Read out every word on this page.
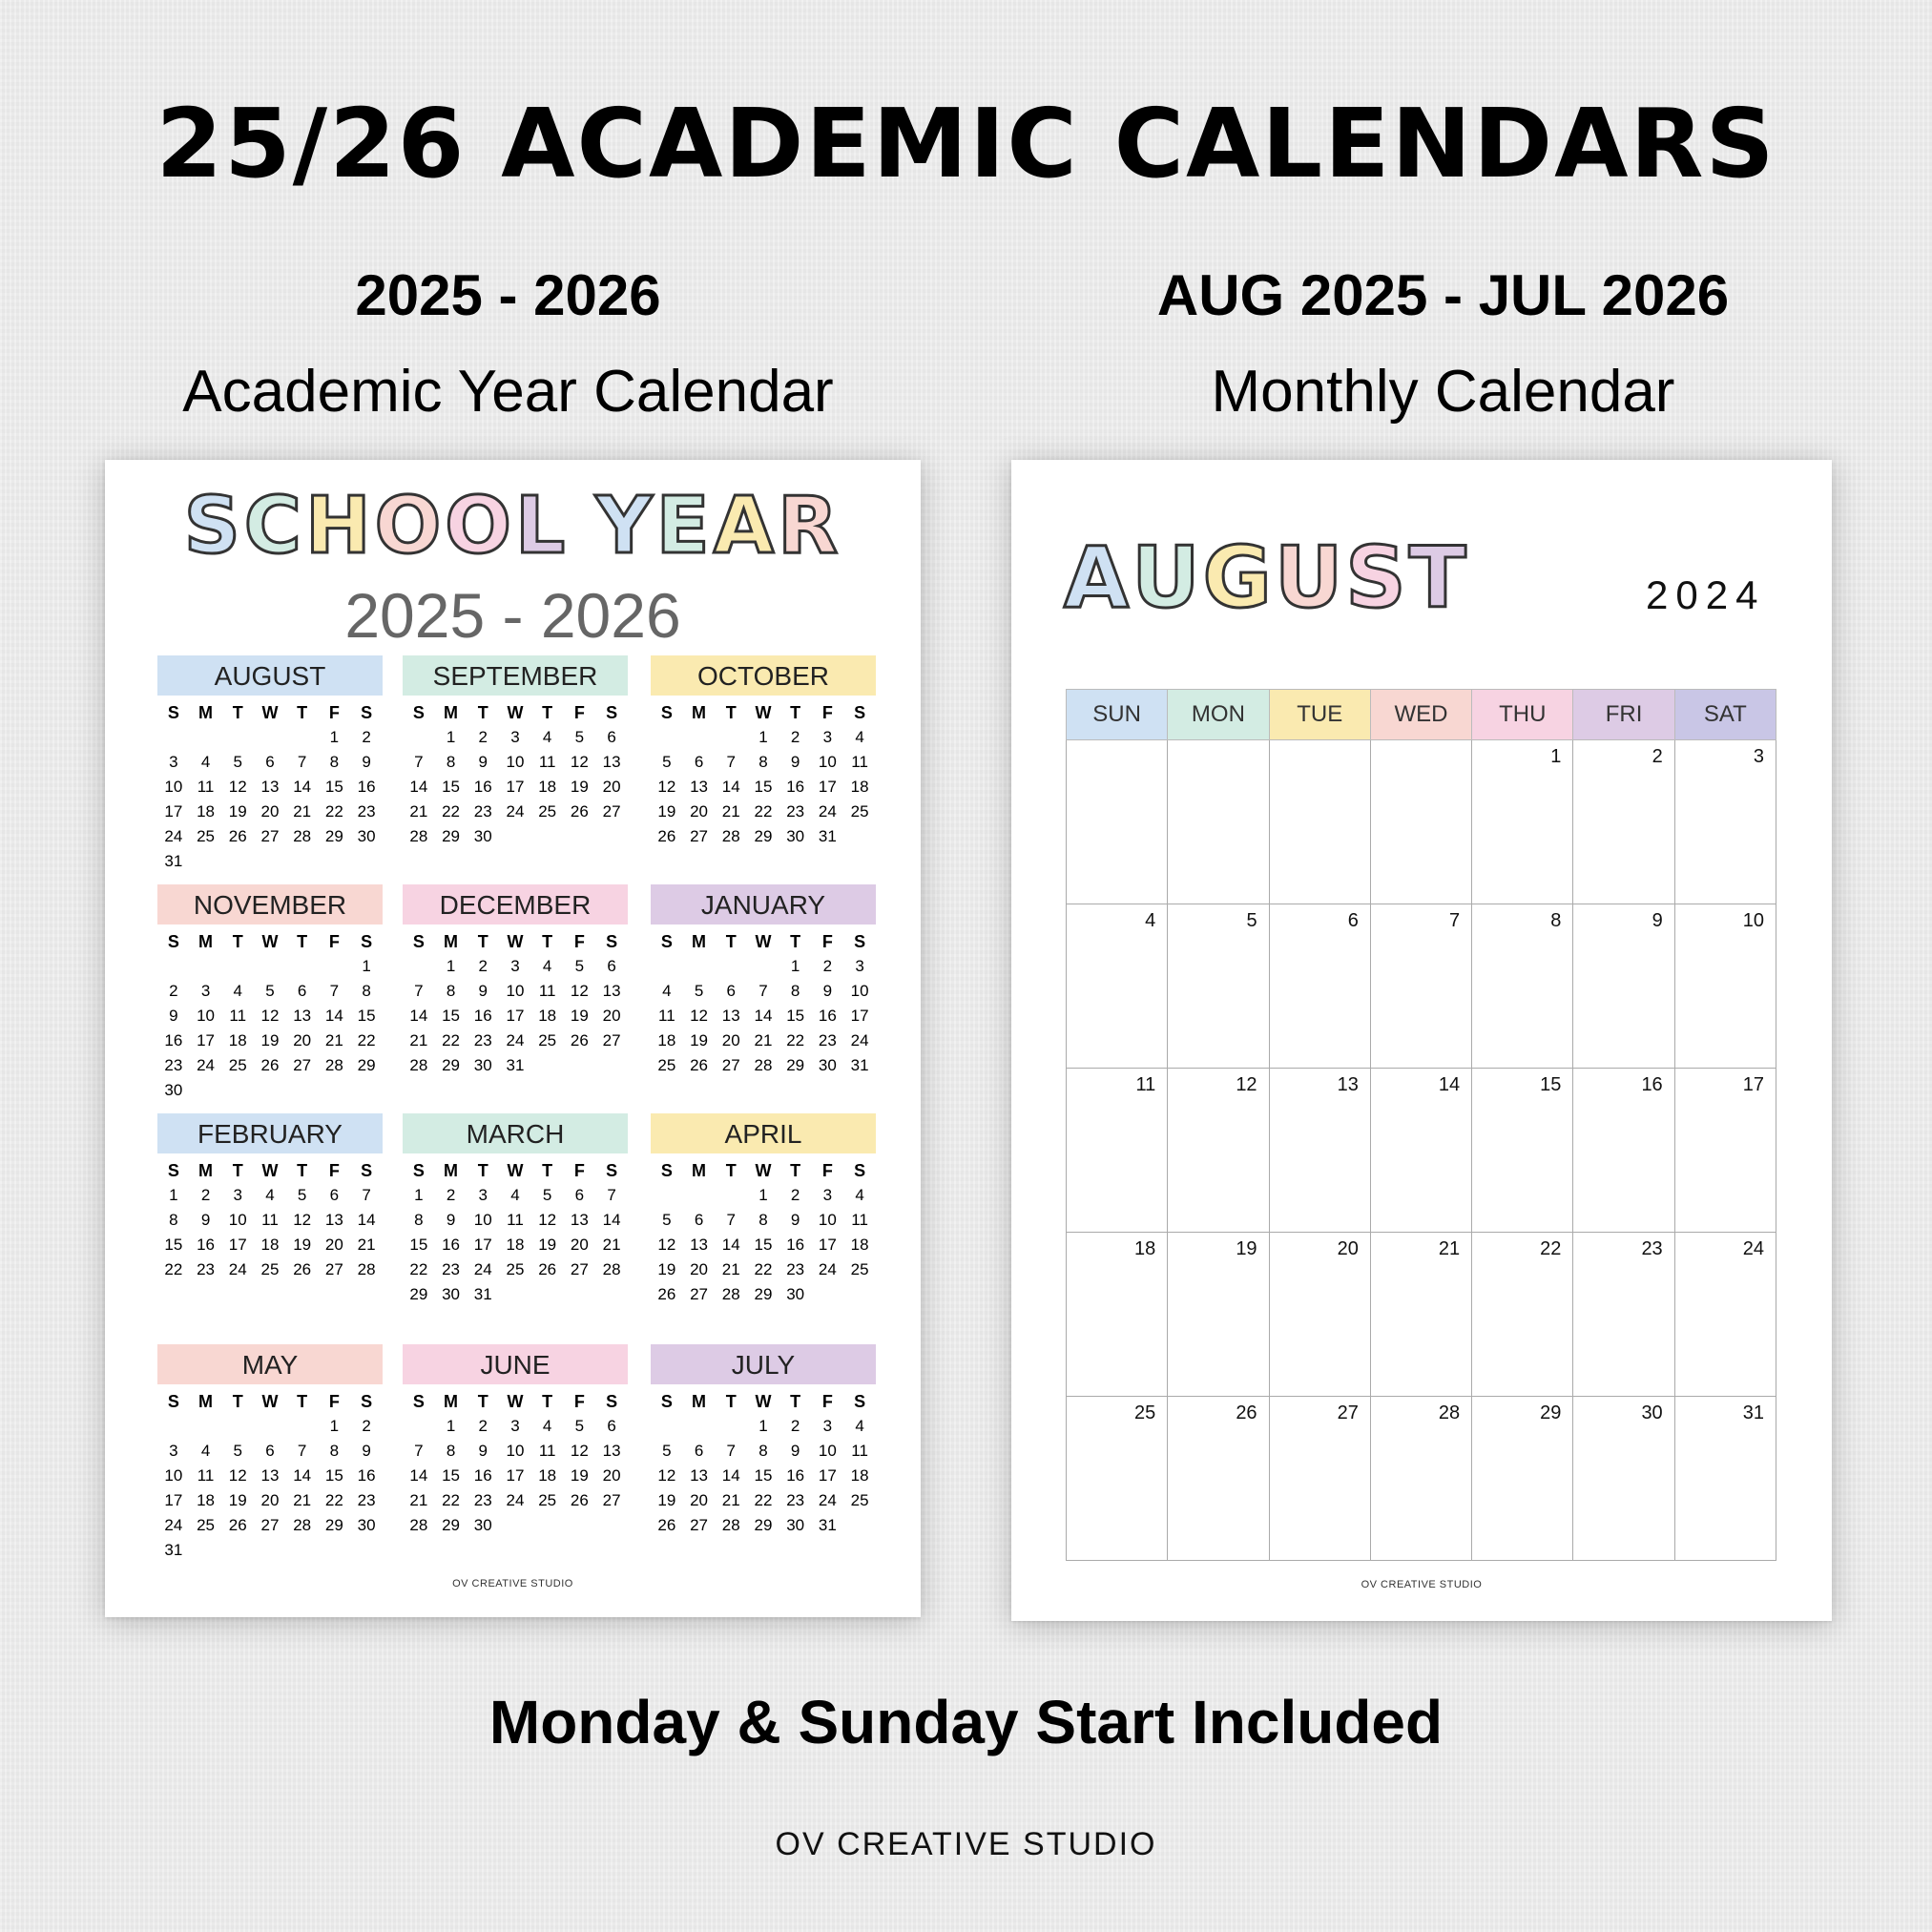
25/26 ACADEMIC CALENDARS
2025 - 2026
Academic Year Calendar
AUG 2025 - JUL 2026
Monthly Calendar
SCHOOL YEAR
2025 - 2026
AUGUST
S	M	T	W	T	F	S
					1	2
3	4	5	6	7	8	9
10	11	12	13	14	15	16
17	18	19	20	21	22	23
24	25	26	27	28	29	30
31						
SEPTEMBER
S	M	T	W	T	F	S
	1	2	3	4	5	6
7	8	9	10	11	12	13
14	15	16	17	18	19	20
21	22	23	24	25	26	27
28	29	30				
OCTOBER
S	M	T	W	T	F	S
			1	2	3	4
5	6	7	8	9	10	11
12	13	14	15	16	17	18
19	20	21	22	23	24	25
26	27	28	29	30	31	
NOVEMBER
S	M	T	W	T	F	S
						1
2	3	4	5	6	7	8
9	10	11	12	13	14	15
16	17	18	19	20	21	22
23	24	25	26	27	28	29
30						
DECEMBER
S	M	T	W	T	F	S
	1	2	3	4	5	6
7	8	9	10	11	12	13
14	15	16	17	18	19	20
21	22	23	24	25	26	27
28	29	30	31			
JANUARY
S	M	T	W	T	F	S
				1	2	3
4	5	6	7	8	9	10
11	12	13	14	15	16	17
18	19	20	21	22	23	24
25	26	27	28	29	30	31
FEBRUARY
S	M	T	W	T	F	S
1	2	3	4	5	6	7
8	9	10	11	12	13	14
15	16	17	18	19	20	21
22	23	24	25	26	27	28
MARCH
S	M	T	W	T	F	S
1	2	3	4	5	6	7
8	9	10	11	12	13	14
15	16	17	18	19	20	21
22	23	24	25	26	27	28
29	30	31				
APRIL
S	M	T	W	T	F	S
			1	2	3	4
5	6	7	8	9	10	11
12	13	14	15	16	17	18
19	20	21	22	23	24	25
26	27	28	29	30		
MAY
S	M	T	W	T	F	S
					1	2
3	4	5	6	7	8	9
10	11	12	13	14	15	16
17	18	19	20	21	22	23
24	25	26	27	28	29	30
31						
JUNE
S	M	T	W	T	F	S
	1	2	3	4	5	6
7	8	9	10	11	12	13
14	15	16	17	18	19	20
21	22	23	24	25	26	27
28	29	30				
JULY
S	M	T	W	T	F	S
			1	2	3	4
5	6	7	8	9	10	11
12	13	14	15	16	17	18
19	20	21	22	23	24	25
26	27	28	29	30	31	
OV CREATIVE STUDIO
AUGUST	2024
SUN	MON	TUE	WED	THU	FRI	SAT
				1	2	3
4	5	6	7	8	9	10
11	12	13	14	15	16	17
18	19	20	21	22	23	24
25	26	27	28	29	30	31
OV CREATIVE STUDIO
Monday & Sunday Start Included
OV CREATIVE STUDIO
